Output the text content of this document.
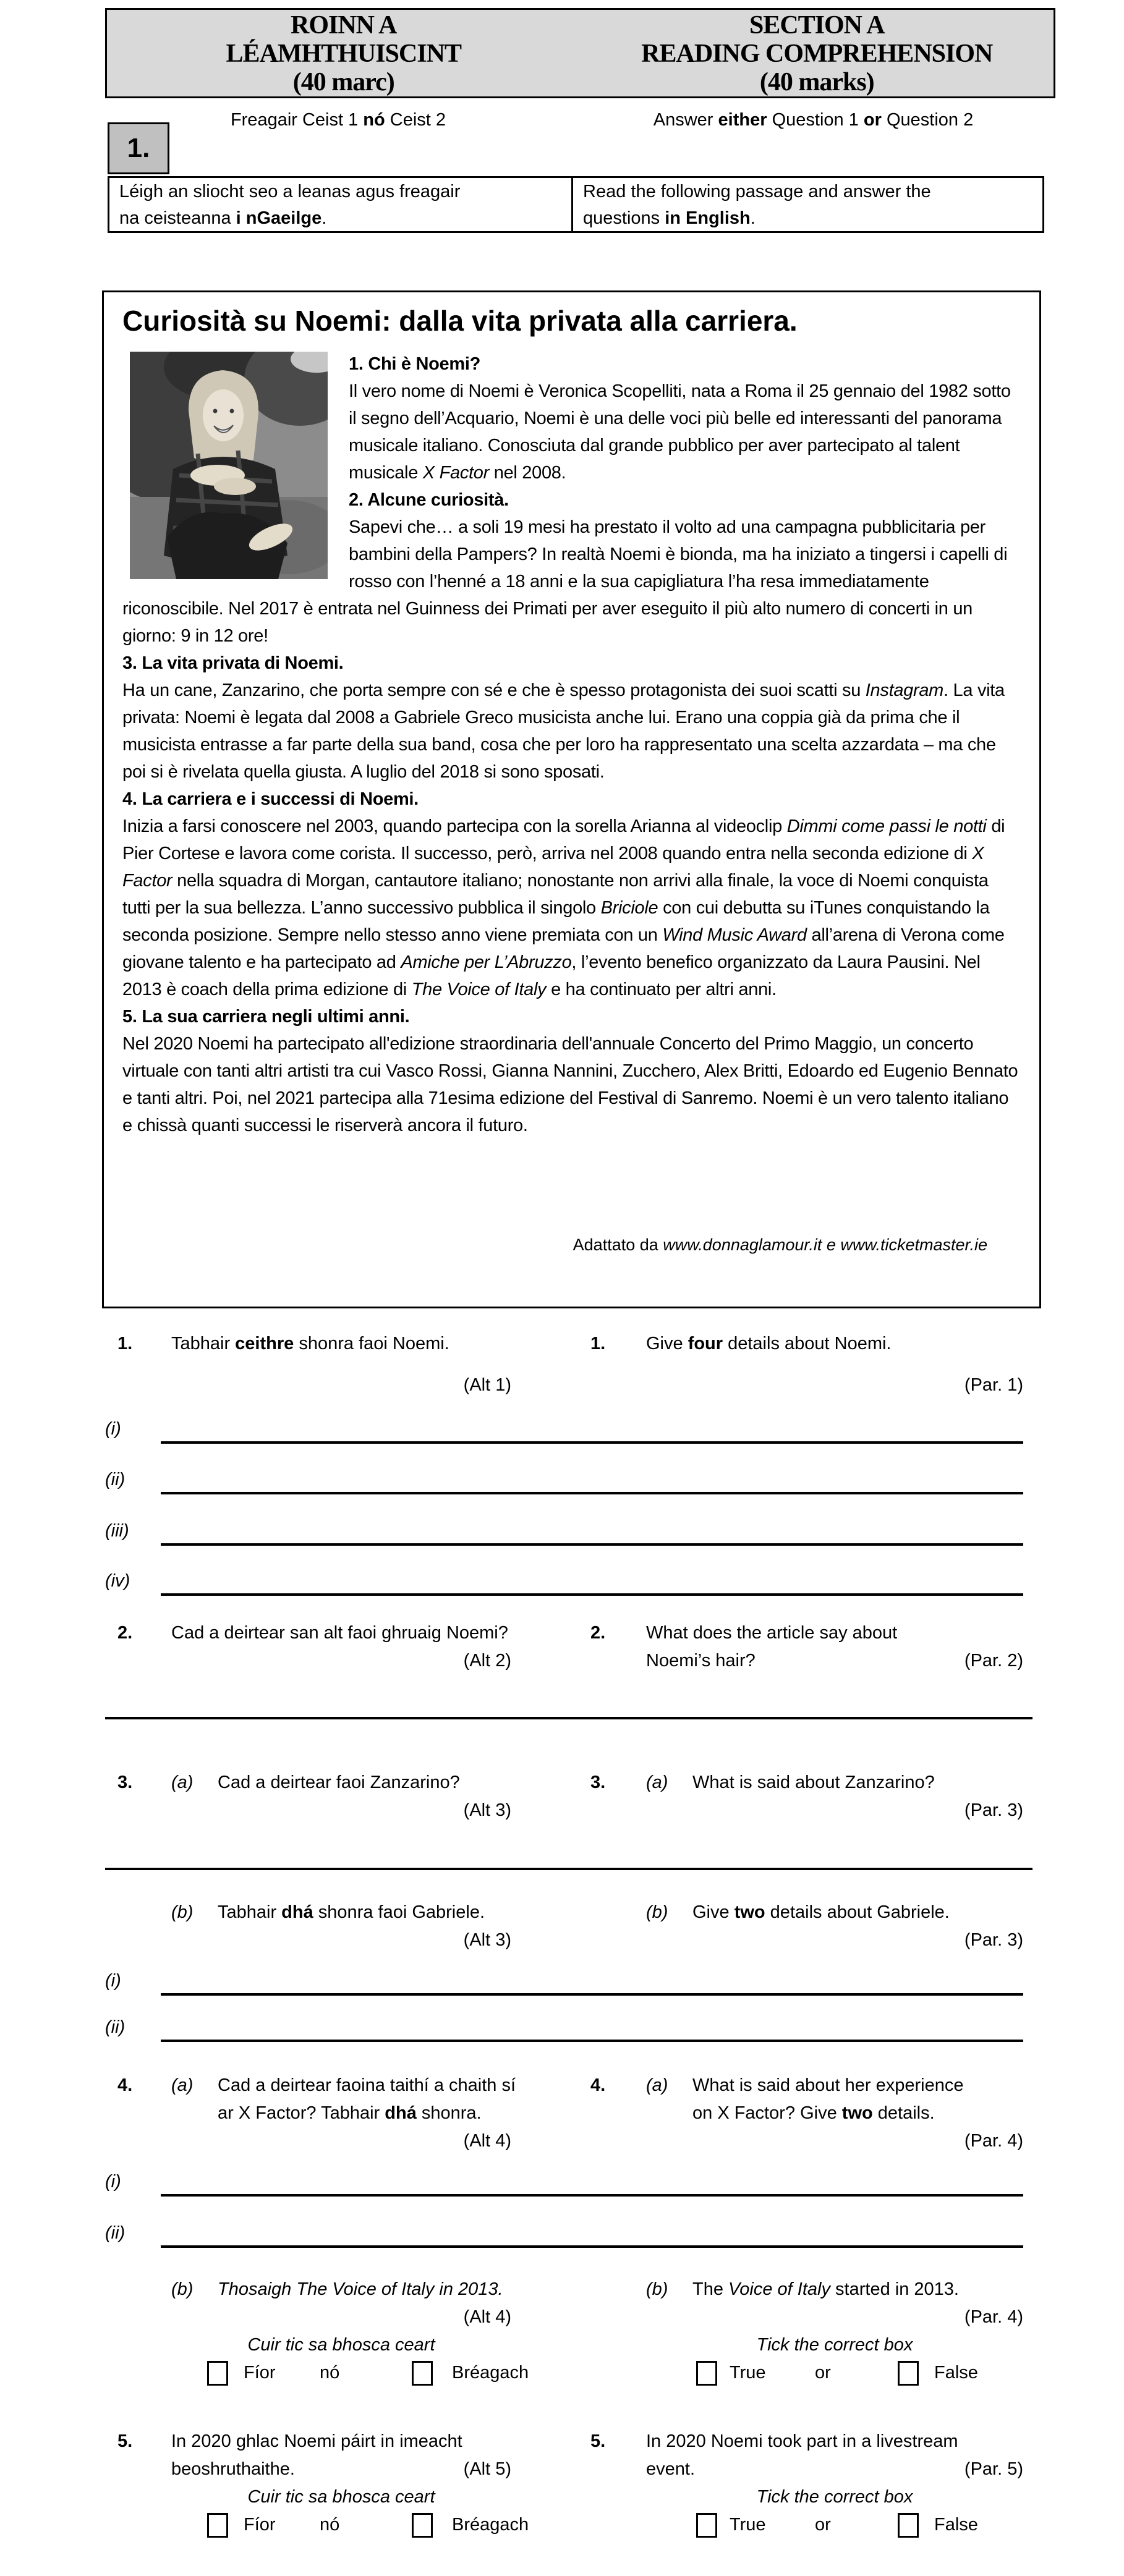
ROINN A
LÉAMHTHUISCINT
(40 marc)
SECTION A
READING COMPREHENSION
(40 marks)
Freagair Ceist 1 nó Ceist 2	Answer either Question 1 or Question 2
1.
Léigh an sliocht seo a leanas agus freagair
na ceisteanna i nGaeilge.
Read the following passage and answer the
questions in English.
Curiosità su Noemi: dalla vita privata alla carriera.

1. Chi è Noemi?
Il vero nome di Noemi è Veronica Scopelliti, nata a Roma il 25 gennaio del 1982 sotto il segno dell’Acquario, Noemi è una delle voci più belle ed interessanti del panorama musicale italiano. Conosciuta dal grande pubblico per aver partecipato al talent musicale X Factor nel 2008.

2. Alcune curiosità.
Sapevi che… a soli 19 mesi ha prestato il volto ad una campagna pubblicitaria per bambini della Pampers? In realtà Noemi è bionda, ma ha iniziato a tingersi i capelli di rosso con l’henné a 18 anni e la sua capigliatura l’ha resa immediatamente riconoscibile. Nel 2017 è entrata nel Guinness dei Primati per aver eseguito il più alto numero di concerti in un giorno: 9 in 12 ore!

3. La vita privata di Noemi.
Ha un cane, Zanzarino, che porta sempre con sé e che è spesso protagonista dei suoi scatti su Instagram. La vita privata: Noemi è legata dal 2008 a Gabriele Greco musicista anche lui. Erano una coppia già da prima che il musicista entrasse a far parte della sua band, cosa che per loro ha rappresentato una scelta azzardata – ma che poi si è rivelata quella giusta. A luglio del 2018 si sono sposati.

4. La carriera e i successi di Noemi.
Inizia a farsi conoscere nel 2003, quando partecipa con la sorella Arianna al videoclip Dimmi come passi le notti di Pier Cortese e lavora come corista. Il successo, però, arriva nel 2008 quando entra nella seconda edizione di X Factor nella squadra di Morgan, cantautore italiano; nonostante non arrivi alla finale, la voce di Noemi conquista tutti per la sua bellezza. L’anno successivo pubblica il singolo Briciole con cui debutta su iTunes conquistando la seconda posizione. Sempre nello stesso anno viene premiata con un Wind Music Award all’arena di Verona come giovane talento e ha partecipato ad Amiche per L’Abruzzo, l’evento benefico organizzato da Laura Pausini. Nel 2013 è coach della prima edizione di The Voice of Italy e ha continuato per altri anni.

5. La sua carriera negli ultimi anni.
Nel 2020 Noemi ha partecipato all'edizione straordinaria dell'annuale Concerto del Primo Maggio, un concerto virtuale con tanti altri artisti tra cui Vasco Rossi, Gianna Nannini, Zucchero, Alex Britti, Edoardo ed Eugenio Bennato e tanti altri. Poi, nel 2021 partecipa alla 71esima edizione del Festival di Sanremo. Noemi è un vero talento italiano e chissà quanti successi le riserverà ancora il futuro.

Adattato da www.donnaglamour.it e www.ticketmaster.ie
1. Tabhair ceithre shonra faoi Noemi.
(Alt 1)
1. Give four details about Noemi.
(Par. 1)
(i)
(ii)
(iii)
(iv)
2. Cad a deirtear san alt faoi ghruaig Noemi?
(Alt 2)
2. What does the article say about
Noemi’s hair?	(Par. 2)
3. (a) Cad a deirtear faoi Zanzarino?
(Alt 3)
3. (a) What is said about Zanzarino?
(Par. 3)
(b) Tabhair dhá shonra faoi Gabriele.
(Alt 3)
(b) Give two details about Gabriele.
(Par. 3)
(i)
(ii)
4. (a) Cad a deirtear faoina taithí a chaith sí
ar X Factor? Tabhair dhá shonra.
(Alt 4)
4. (a) What is said about her experience
on X Factor? Give two details.
(Par. 4)
(i)
(ii)
(b) Thosaigh The Voice of Italy in 2013.
(Alt 4)
Cuir tic sa bhosca ceart
Fíor nó	Bréagach
(b) The Voice of Italy started in 2013.
(Par. 4)
Tick the correct box
True	or	False
5. In 2020 ghlac Noemi páirt in imeacht
beoshruthaithe.	(Alt 5)
Cuir tic sa bhosca ceart
Fíor nó	Bréagach
5. In 2020 Noemi took part in a livestream
event.	(Par. 5)
Tick the correct box
True	or	False
